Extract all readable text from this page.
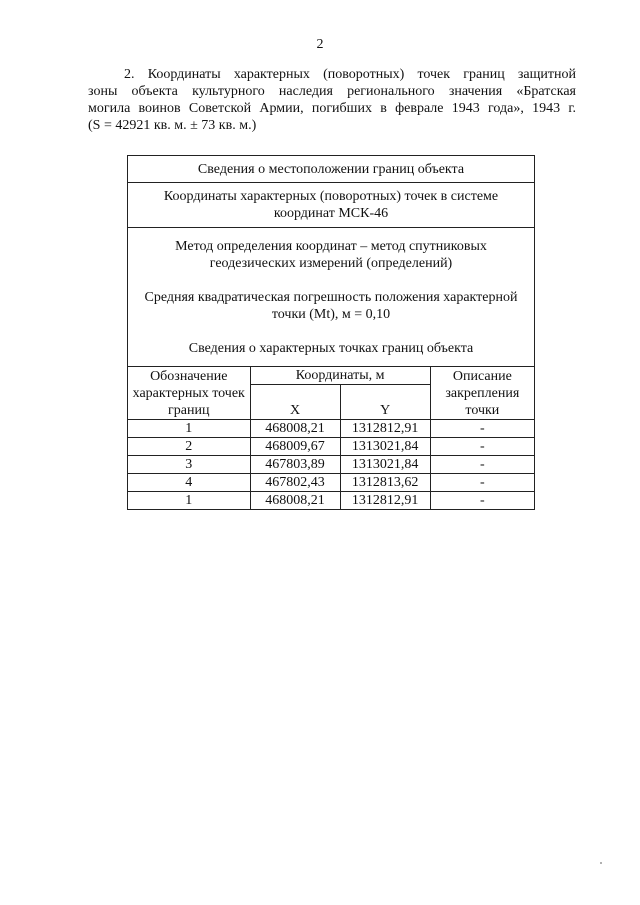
2
2. Координаты характерных (поворотных) точек границ защитной
зоны объекта культурного наследия регионального значения «Братская
могила воинов Советской Армии, погибших в феврале 1943 года», 1943 г.
(S = 42921 кв. м. ± 73 кв. м.)
Сведения о местоположении границ объекта			
Координаты характерных (поворотных) точек в системе координат МСК-46			

Метод определения координат – метод спутниковых геодезических измерений (определений)
Средняя квадратическая погрешность положения характерной точки (Mt), м = 0,10
Сведения о характерных точках границ объекта			

Обозначение характерных точек границ	Координаты, м		Описание закрепления точки
	X	Y	
1	468008,21	1312812,91	-
2	468009,67	1313021,84	-
3	467803,89	1313021,84	-
4	467802,43	1312813,62	-
1	468008,21	1312812,91	-
